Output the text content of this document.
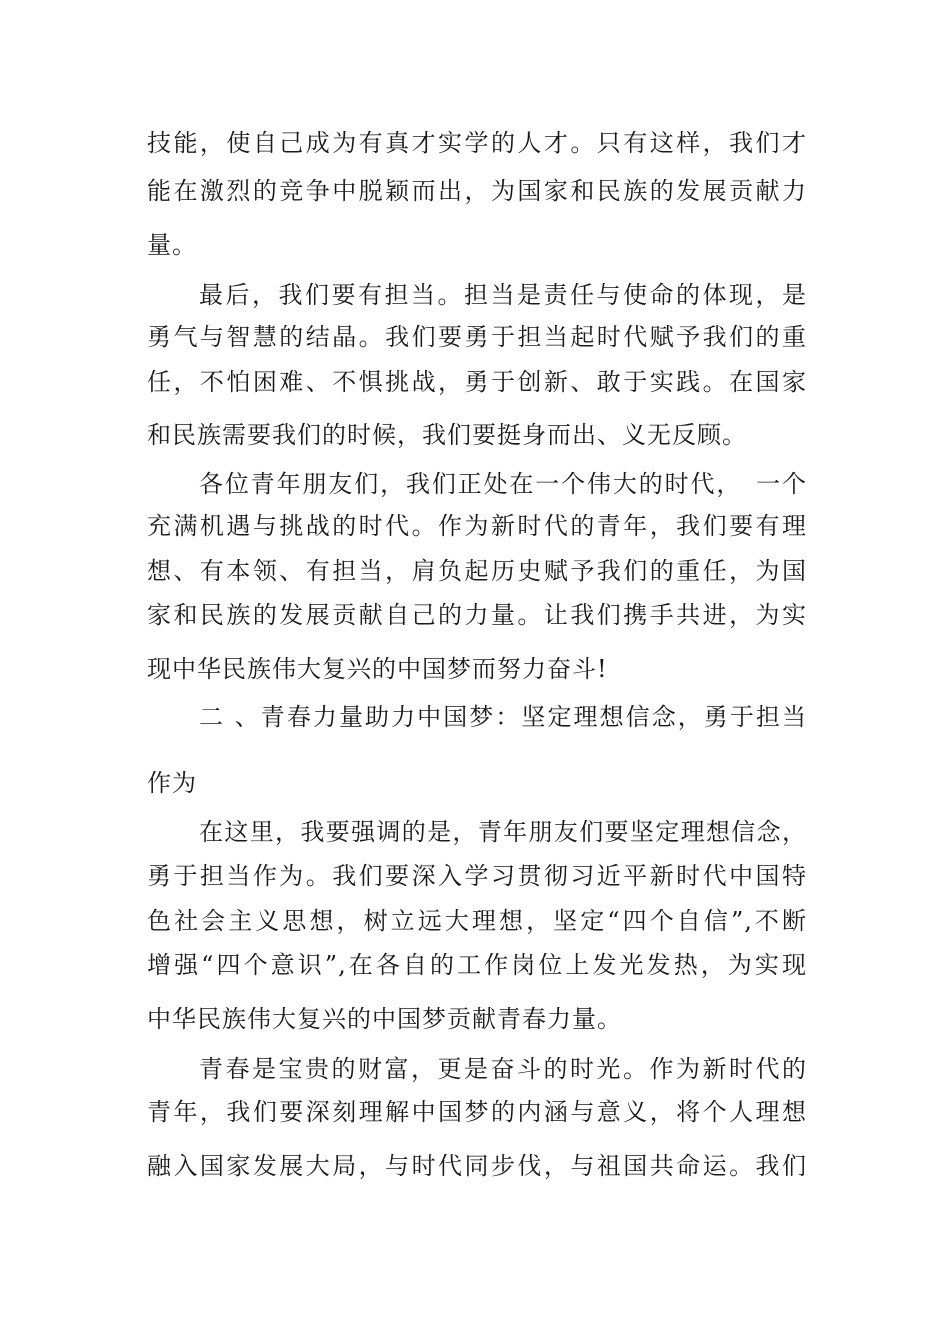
技能，使自己成为有真才实学的人才。只有这样，我们才
能在激烈的竞争中脱颖而出，为国家和民族的发展贡献力
量。
最后，我们要有担当。担当是责任与使命的体现，是
勇气与智慧的结晶。我们要勇于担当起时代赋予我们的重
任，不怕困难、不惧挑战，勇于创新、敢于实践。在国家
和民族需要我们的时候，我们要挺身而出、义无反顾。
各位青年朋友们，我们正处在一个伟大的时代，　一个
充满机遇与挑战的时代。作为新时代的青年，我们要有理
想、有本领、有担当，肩负起历史赋予我们的重任，为国
家和民族的发展贡献自己的力量。让我们携手共进，为实
现中华民族伟大复兴的中国梦而努力奋斗!
二 、青春力量助力中国梦：坚定理想信念，勇于担当
作为
在这里，我要强调的是，青年朋友们要坚定理想信念，
勇于担当作为。我们要深入学习贯彻习近平新时代中国特
色社会主义思想，树立远大理想，坚定“四个自信”,不断
增强“四个意识”,在各自的工作岗位上发光发热，为实现
中华民族伟大复兴的中国梦贡献青春力量。
青春是宝贵的财富，更是奋斗的时光。作为新时代的
青年，我们要深刻理解中国梦的内涵与意义，将个人理想
融入国家发展大局，与时代同步伐，与祖国共命运。我们
